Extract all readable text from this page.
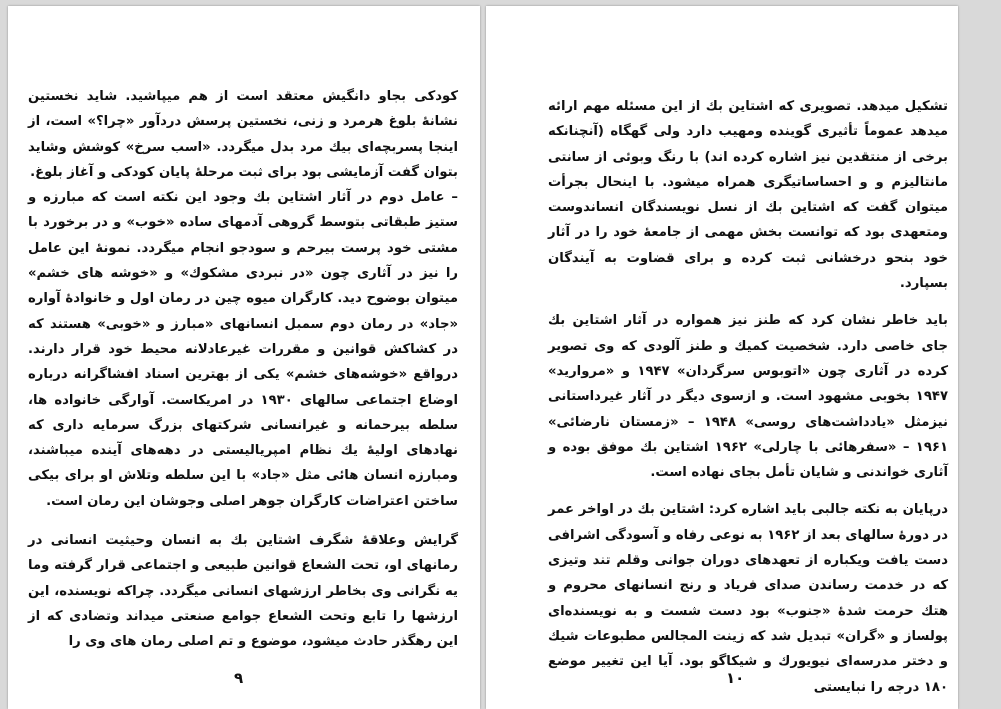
کودکی بجاو دانگیش معتقد است از هم میپاشید. شاید نخستین نشانهٔ بلوغ هرمرد و زنی، نخستین پرسش دردآور «چرا؟» است، از اینجا پسربچه‌ای بیك مرد بدل میگردد. «اسب سرخ» کوشش وشاید بتوان گفت آزمایشی بود برای ثبت مرحلهٔ پایان کودکی و آغاز بلوغ.

– عامل دوم در آثار اشتاین بك وجود این نکته است که مبارزه و ستیز طبقاتی بتوسط گروهی آدمهای ساده «خوب» و در برخورد با مشتی خود پرست بیرحم و سودجو انجام میگردد. نمونهٔ این عامل را نیز در آثاری چون «در نبردی مشکوك» و «خوشه های خشم» میتوان بوضوح دید. کارگران میوه چین در رمان اول و خانوادهٔ آواره «جاد» در رمان دوم سمبل انسانهای «مبارز و «خوبی» هستند که در کشاکش قوانین و مقررات غیرعادلانه محیط خود قرار دارند. درواقع «خوشه‌های خشم» یکی از بهترین اسناد افشاگرانه درباره اوضاع اجتماعی سالهای ۱۹۳۰ در امریکاست. آوارگی خانواده ها، سلطه بیرحمانه و غیرانسانی شرکتهای بزرگ سرمایه داری که نهادهای اولیهٔ یك نظام امپریالیستی در دهه‌های آینده میباشند، ومبارزه انسان هائی مثل «جاد» با این سلطه وتلاش او برای بیکی ساختن اعتراضات کارگران جوهر اصلی وجوشان این رمان است.

گرایش وعلاقهٔ شگرف اشتاین بك به انسان وحیثیت انسانی در رمانهای او، تحت الشعاع قوانین طبیعی و اجتماعی قرار گرفته وما یه نگرانی وی بخاطر ارزشهای انسانی میگردد. چراکه نویسنده، این ارزشها را تابع وتحت الشعاع جوامع صنعتی میداند وتضادی که از این رهگذر حادث میشود، موضوع و تم اصلی رمان های وی را

۹

تشکیل میدهد. تصویری که اشتاین بك از این مسئله مهم ارائه میدهد عموماً تأثیری گوینده ومهیب دارد ولی گهگاه (آنچنانکه برخی از منتقدین نیز اشاره کرده اند) با رنگ وبوئی از سانتی مانتالیزم و و احساساتیگری همراه میشود. با اینحال بجرأت میتوان گفت که اشتاین بك از نسل نویسندگان انساندوست ومتعهدی بود که توانست بخش مهمی از جامعهٔ خود را در آثار خود بنحو درخشانی ثبت کرده و برای قضاوت به آیندگان بسپارد.

باید خاطر نشان کرد که طنز نیز همواره در آثار اشتاین بك جای خاصی دارد. شخصیت کمیك و طنز آلودی که وی تصویر کرده در آثاری چون «اتوبوس سرگردان» ۱۹۴۷ و «مروارید» ۱۹۴۷ بخوبی مشهود است. و ازسوی دیگر در آثار غیرداستانی نیزمثل «یادداشت‌های روسی» ۱۹۴۸ – «زمستان نارضائی» ۱۹۶۱ – «سفرهائی با چارلی» ۱۹۶۲ اشتاین بك موفق بوده و آثاری خواندنی و شایان تأمل بجای نهاده است.

درپایان به نکته جالبی باید اشاره کرد: اشتاین بك در اواخر عمر در دورهٔ سالهای بعد از ۱۹۶۲ به نوعی رفاه و آسودگی اشرافی دست یافت ویکباره از تعهدهای دوران جوانی وقلم تند وتیزی که در خدمت رساندن صدای فریاد و رنج انسانهای محروم و هتك حرمت شدهٔ «جنوب» بود دست شست و به نویسنده‌ای پولساز و «گران» تبدیل شد که زینت المجالس مطبوعات شیك و دختر مدرسه‌ای نیویورك و شیکاگو بود. آیا این تغییر موضع ۱۸۰ درجه را نبایستی

۱۰
